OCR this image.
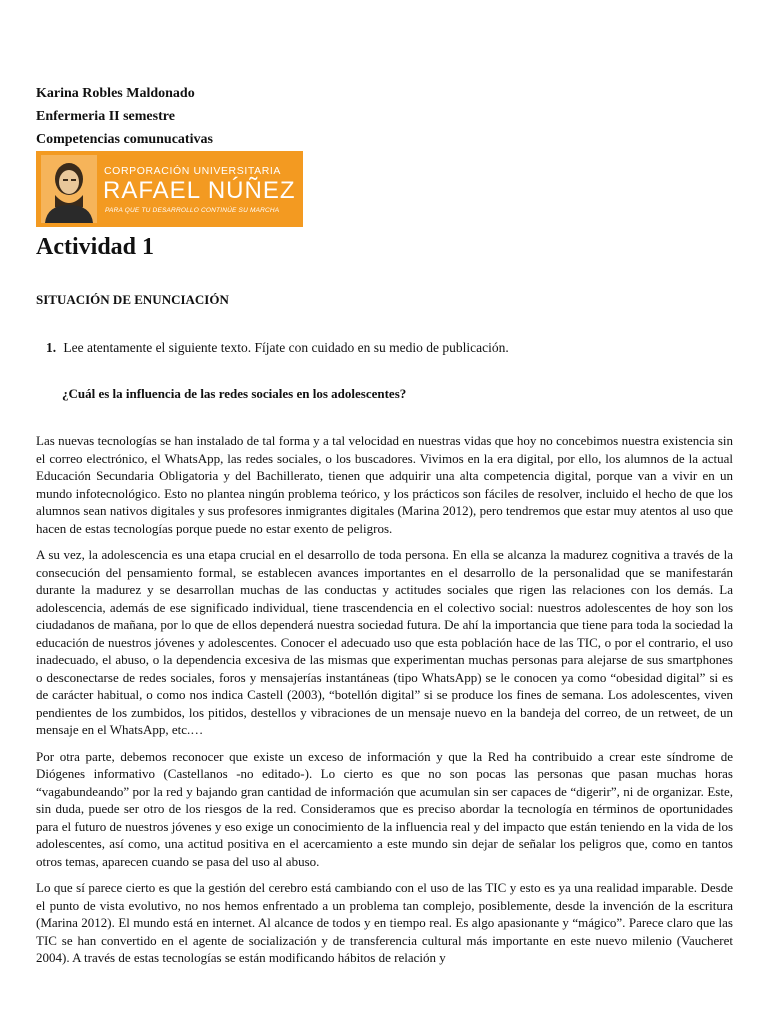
Karina Robles Maldonado
Enfermeria II semestre
Competencias comunucativas
CORPORACIÓN UNIVERSITARIA
RAFAEL NÚÑEZ
PARA QUE TU DESARROLLO CONTINÚE SU MARCHA
Actividad 1
SITUACIÓN DE ENUNCIACIÓN
1. Lee atentamente el siguiente texto. Fíjate con cuidado en su medio de publicación.
¿Cuál es la influencia de las redes sociales en los adolescentes?

Las nuevas tecnologías se han instalado de tal forma y a tal velocidad en nuestras vidas que hoy no concebimos nuestra existencia sin el correo electrónico, el WhatsApp, las redes sociales, o los buscadores. Vivimos en la era digital, por ello, los alumnos de la actual Educación Secundaria Obligatoria y del Bachillerato, tienen que adquirir una alta competencia digital, porque van a vivir en un mundo infotecnológico. Esto no plantea ningún problema teórico, y los prácticos son fáciles de resolver, incluido el hecho de que los alumnos sean nativos digitales y sus profesores inmigrantes digitales (Marina 2012), pero tendremos que estar muy atentos al uso que hacen de estas tecnologías porque puede no estar exento de peligros.

A su vez, la adolescencia es una etapa crucial en el desarrollo de toda persona. En ella se alcanza la madurez cognitiva a través de la consecución del pensamiento formal, se establecen avances importantes en el desarrollo de la personalidad que se manifestarán durante la madurez y se desarrollan muchas de las conductas y actitudes sociales que rigen las relaciones con los demás. La adolescencia, además de ese significado individual, tiene trascendencia en el colectivo social: nuestros adolescentes de hoy son los ciudadanos de mañana, por lo que de ellos dependerá nuestra sociedad futura. De ahí la importancia que tiene para toda la sociedad la educación de nuestros jóvenes y adolescentes. Conocer el adecuado uso que esta población hace de las TIC, o por el contrario, el uso inadecuado, el abuso, o la dependencia excesiva de las mismas que experimentan muchas personas para alejarse de sus smartphones o desconectarse de redes sociales, foros y mensajerías instantáneas (tipo WhatsApp) se le conocen ya como “obesidad digital” si es de carácter habitual, o como nos indica Castell (2003), “botellón digital” si se produce los fines de semana. Los adolescentes, viven pendientes de los zumbidos, los pitidos, destellos y vibraciones de un mensaje nuevo en la bandeja del correo, de un retweet, de un mensaje en el WhatsApp, etc.…

Por otra parte, debemos reconocer que existe un exceso de información y que la Red ha contribuido a crear este síndrome de Diógenes informativo (Castellanos -no editado-). Lo cierto es que no son pocas las personas que pasan muchas horas “vagabundeando” por la red y bajando gran cantidad de información que acumulan sin ser capaces de “digerir”, ni de organizar. Este, sin duda, puede ser otro de los riesgos de la red. Consideramos que es preciso abordar la tecnología en términos de oportunidades para el futuro de nuestros jóvenes y eso exige un conocimiento de la influencia real y del impacto que están teniendo en la vida de los adolescentes, así como, una actitud positiva en el acercamiento a este mundo sin dejar de señalar los peligros que, como en tantos otros temas, aparecen cuando se pasa del uso al abuso.

Lo que sí parece cierto es que la gestión del cerebro está cambiando con el uso de las TIC y esto es ya una realidad imparable. Desde el punto de vista evolutivo, no nos hemos enfrentado a un problema tan complejo, posiblemente, desde la invención de la escritura (Marina 2012). El mundo está en internet. Al alcance de todos y en tiempo real. Es algo apasionante y “mágico”. Parece claro que las TIC se han convertido en el agente de socialización y de transferencia cultural más importante en este nuevo milenio (Vaucheret 2004). A través de estas tecnologías se están modificando hábitos de relación y
